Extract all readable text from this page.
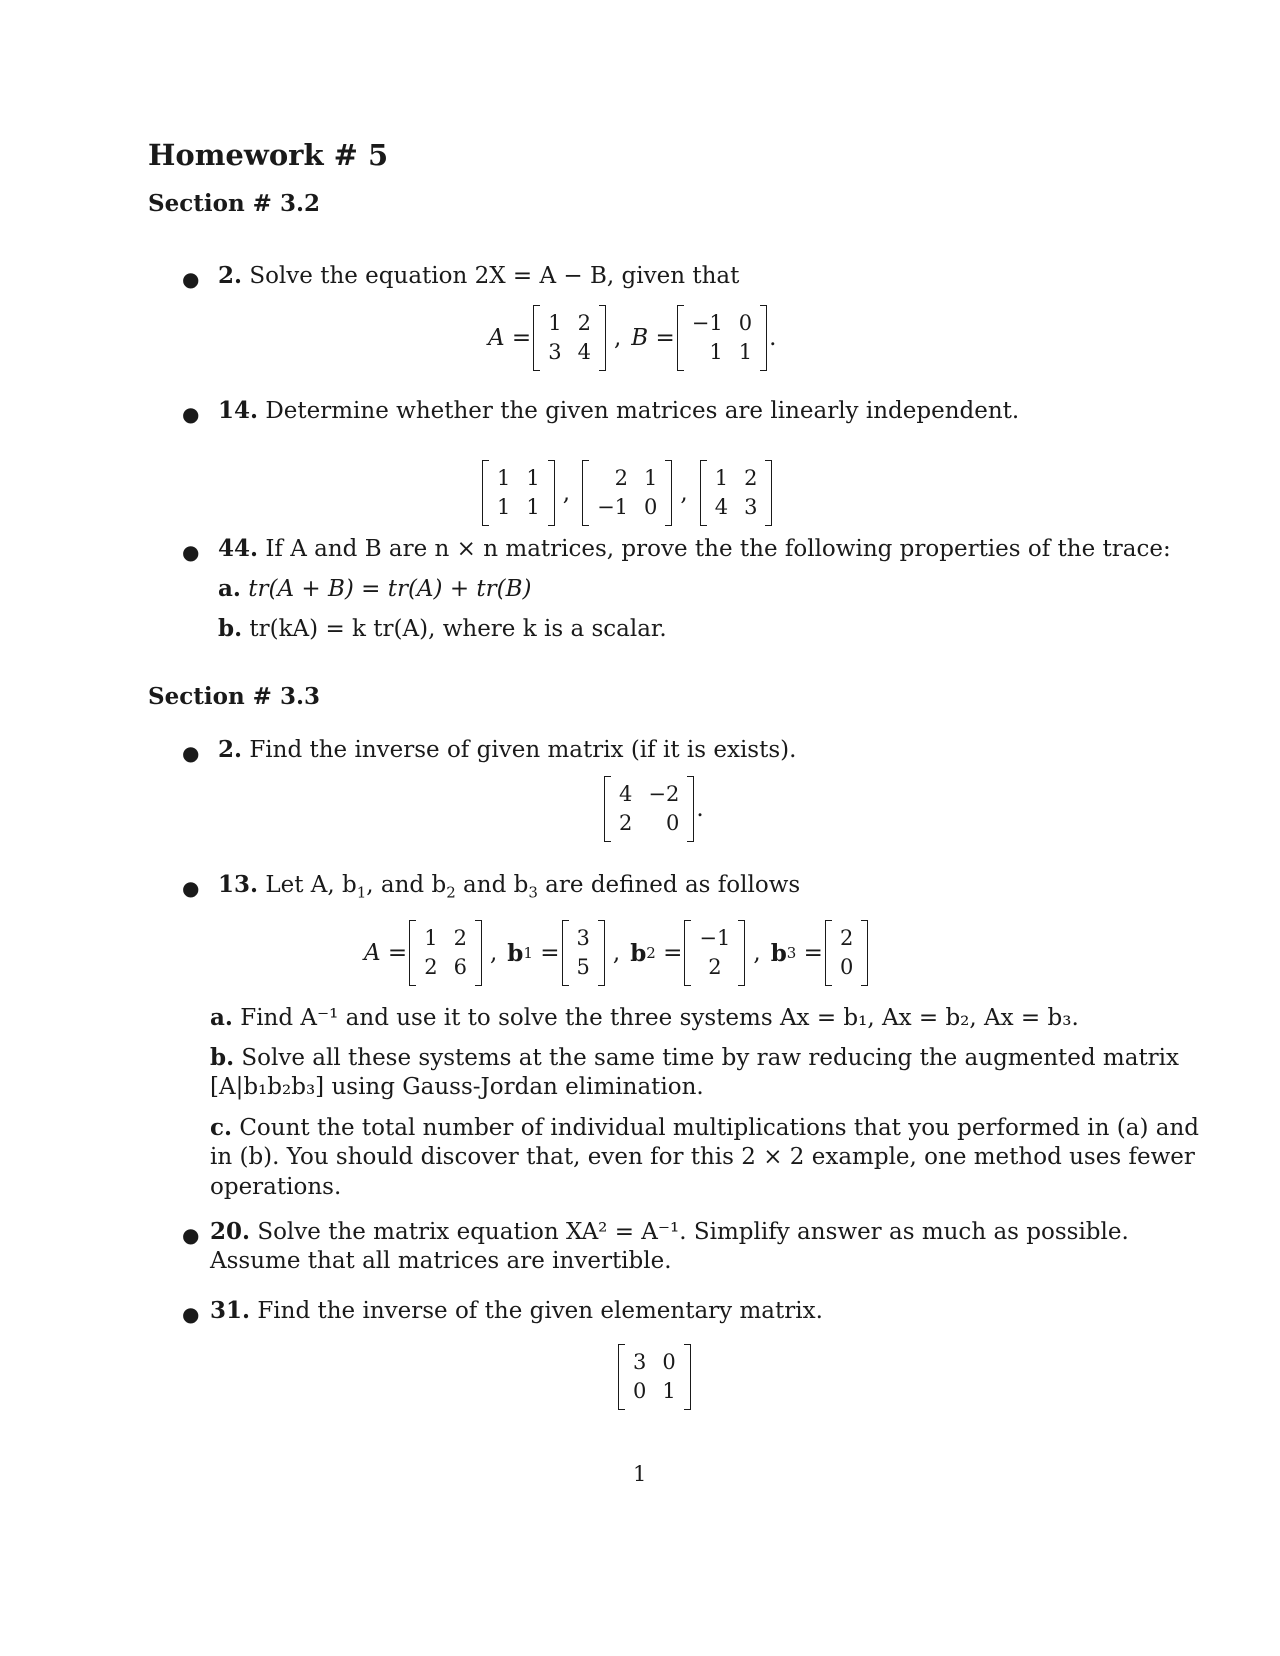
Homework # 5
Section # 3.2
● 2. Solve the equation 2X = A − B, given that
A =
1 2
3 4
, B =
−1 0
1 1
.
● 14. Determine whether the given matrices are linearly independent.
1 1
1 1
,
2 1
−1 0
,
1 2
4 3
● 44. If A and B are n × n matrices, prove the the following properties of the trace:
a. tr(A + B) = tr(A) + tr(B)
b. tr(kA) = k tr(A), where k is a scalar.
Section # 3.3
● 2. Find the inverse of given matrix (if it is exists).
4 −2
2	0
.
● 13. Let A, $b_1$, and $b_2$ and $b_3$ are defined as follows
A =
1 2
2 6
, b 1 =
3
5
, b 2 =
−1
2
, b 3 =
2
0
a. Find A⁻¹ and use it to solve the three systems Ax = b₁, Ax = b₂, Ax = b₃.
b. Solve all these systems at the same time by raw reducing the augmented matrix
[A|b₁b₂b₃] using Gauss-Jordan elimination.
c. Count the total number of individual multiplications that you performed in (a) and
in (b). You should discover that, even for this 2 × 2 example, one method uses fewer
operations.
● 20. Solve the matrix equation XA² = A⁻¹. Simplify answer as much as possible.
Assume that all matrices are invertible.
● 31. Find the inverse of the given elementary matrix.
3 0
0 1
1
